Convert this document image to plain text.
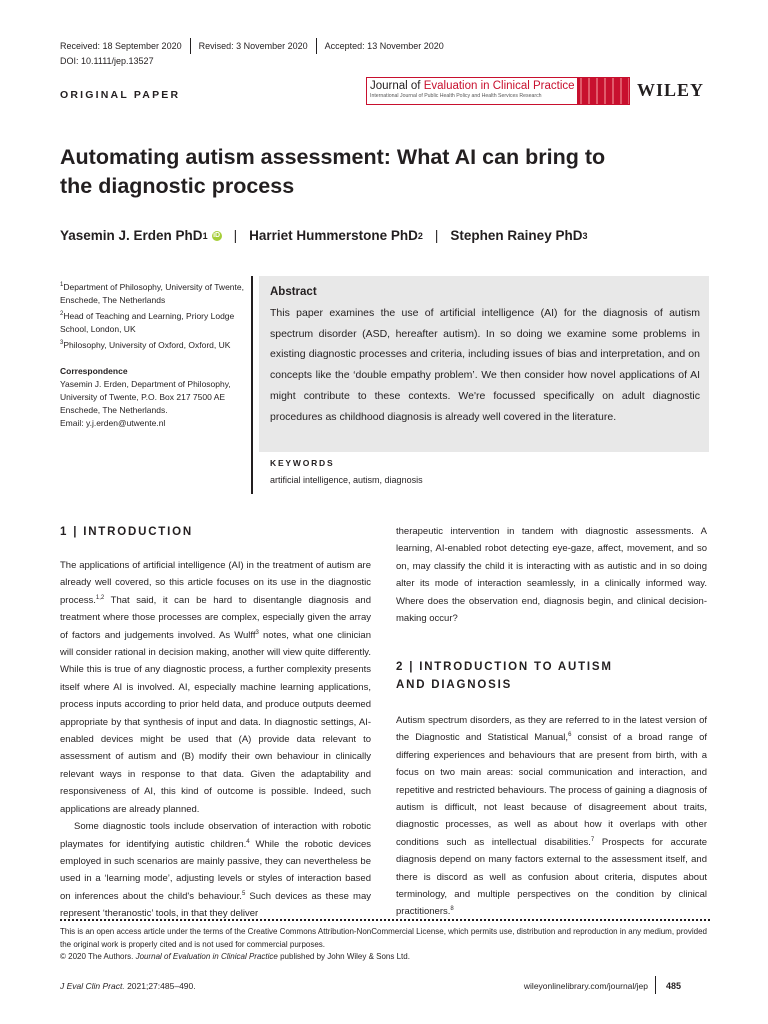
Received: 18 September 2020	Revised: 3 November 2020	Accepted: 13 November 2020
DOI: 10.1111/jep.13527
ORIGINAL PAPER
Journal of Evaluation in Clinical Practice
International Journal of Public Health Policy and Health Services Research	WILEY
Automating autism assessment: What AI can bring to the diagnostic process
Yasemin J. Erden PhD 1 iD	| Harriet Hummerstone PhD 2 | Stephen Rainey PhD 3
$^1$Department of Philosophy, University of Twente, Enschede, The Netherlands
$^2$Head of Teaching and Learning, Priory Lodge School, London, UK
$^3$Philosophy, University of Oxford, Oxford, UK
Correspondence
Yasemin J. Erden, Department of Philosophy, University of Twente, P.O. Box 217 7500 AE Enschede, The Netherlands.
Email: y.j.erden@utwente.nl
Abstract
This paper examines the use of artificial intelligence (AI) for the diagnosis of autism spectrum disorder (ASD, hereafter autism). In so doing we examine some problems in existing diagnostic processes and criteria, including issues of bias and interpretation, and on concepts like the ‘double empathy problem’. We then consider how novel applications of AI might contribute to these contexts. We're focussed specifically on adult diagnostic procedures as childhood diagnosis is already well covered in the literature.
KEYWORDS
artificial intelligence, autism, diagnosis
1 | INTRODUCTION

The applications of artificial intelligence (AI) in the treatment of autism are already well covered, so this article focuses on its use in the diagnostic process.$^{1,2}$ That said, it can be hard to disentangle diagnosis and treatment where those processes are complex, especially given the array of factors and judgements involved. As Wulff$^3$ notes, what one clinician will consider rational in decision making, another will view quite differently. While this is true of any diagnostic process, a further complexity presents itself where AI is involved. AI, especially machine learning applications, process inputs according to prior held data, and produce outputs deemed appropriate by that synthesis of input and data. In diagnostic settings, AI-enabled devices might be used that (A) provide data relevant to assessment of autism and (B) modify their own behaviour in clinically relevant ways in response to that data. Given the adaptability and responsiveness of AI, this kind of outcome is possible. Indeed, such applications are already planned.

Some diagnostic tools include observation of interaction with robotic playmates for identifying autistic children.$^4$ While the robotic devices employed in such scenarios are mainly passive, they can nevertheless be used in a ‘learning mode’, adjusting levels or styles of interaction based on inferences about the child's behaviour.$^5$ Such devices as these may represent ‘theranostic’ tools, in that they deliver

therapeutic intervention in tandem with diagnostic assessments. A learning, AI-enabled robot detecting eye-gaze, affect, movement, and so on, may classify the child it is interacting with as autistic and in so doing alter its mode of interaction seamlessly, in a clinically informed way. Where does the observation end, diagnosis begin, and clinical decision-making occur?

2 | INTRODUCTION TO AUTISM
AND DIAGNOSIS

Autism spectrum disorders, as they are referred to in the latest version of the Diagnostic and Statistical Manual,$^6$ consist of a broad range of differing experiences and behaviours that are present from birth, with a focus on two main areas: social communication and interaction, and repetitive and restricted behaviours. The process of gaining a diagnosis of autism is difficult, not least because of disagreement about traits, diagnostic processes, as well as about how it overlaps with other conditions such as intellectual disabilities.$^7$ Prospects for accurate diagnosis depend on many factors external to the assessment itself, and there is discord as well as confusion about criteria, disputes about terminology, and multiple perspectives on the condition by clinical practitioners.$^8$

This is an open access article under the terms of the Creative Commons Attribution-NonCommercial License, which permits use, distribution and reproduction in any medium, provided the original work is properly cited and is not used for commercial purposes.
© 2020 The Authors. Journal of Evaluation in Clinical Practice published by John Wiley & Sons Ltd.
J Eval Clin Pract. 2021;27:485–490.	wileyonlinelibrary.com/journal/jep 485
